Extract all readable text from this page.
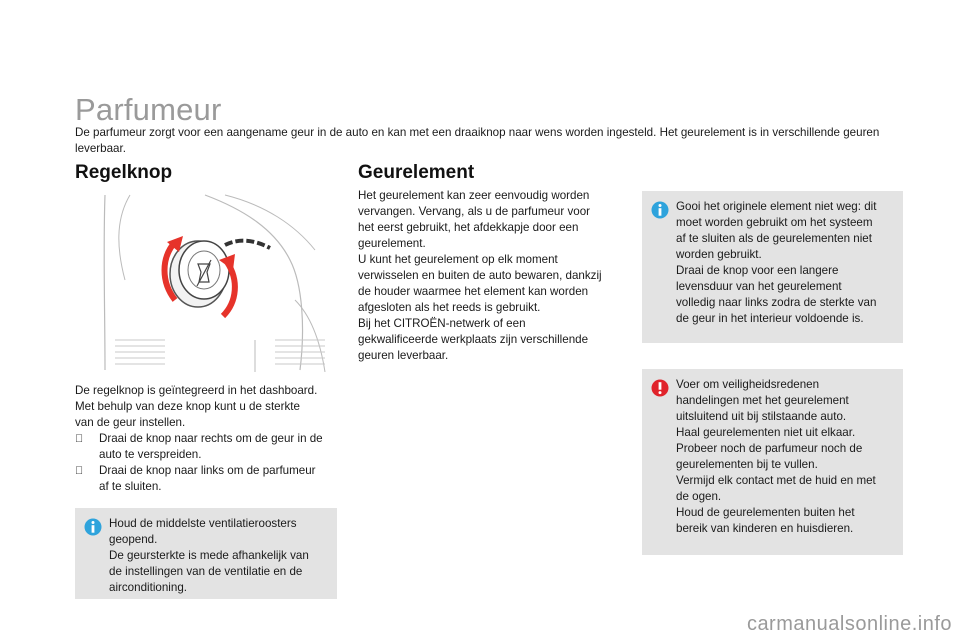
Parfumeur

De parfumeur zorgt voor een aangename geur in de auto en kan met een draaiknop naar wens worden ingesteld. Het geurelement is in verschillende geuren leverbaar.

Regelknop	Geurelement

De regelknop is geïntegreerd in het dashboard.

Met behulp van deze knop kunt u de sterkte

van de geur instellen.

Draai de knop naar rechts om de geur in de
auto te verspreiden.
Draai de knop naar links om de parfumeur
af te sluiten.
Houd de middelste ventilatieroosters
geopend.
De geursterkte is mede afhankelijk van
de instellingen van de ventilatie en de
airconditioning.

Het geurelement kan zeer eenvoudig worden

vervangen. Vervang, als u de parfumeur voor

het eerst gebruikt, het afdekkapje door een

geurelement.

U kunt het geurelement op elk moment

verwisselen en buiten de auto bewaren, dankzij

de houder waarmee het element kan worden

afgesloten als het reeds is gebruikt.

Bij het CITROËN-netwerk of een

gekwalificeerde werkplaats zijn verschillende

geuren leverbaar.

Gooi het originele element niet weg: dit
moet worden gebruikt om het systeem
af te sluiten als de geurelementen niet
worden gebruikt.
Draai de knop voor een langere
levensduur van het geurelement
volledig naar links zodra de sterkte van
de geur in het interieur voldoende is.
Voer om veiligheidsredenen
handelingen met het geurelement
uitsluitend uit bij stilstaande auto.
Haal geurelementen niet uit elkaar.
Probeer noch de parfumeur noch de
geurelementen bij te vullen.
Vermijd elk contact met de huid en met
de ogen.
Houd de geurelementen buiten het
bereik van kinderen en huisdieren.
carmanualsonline.info
